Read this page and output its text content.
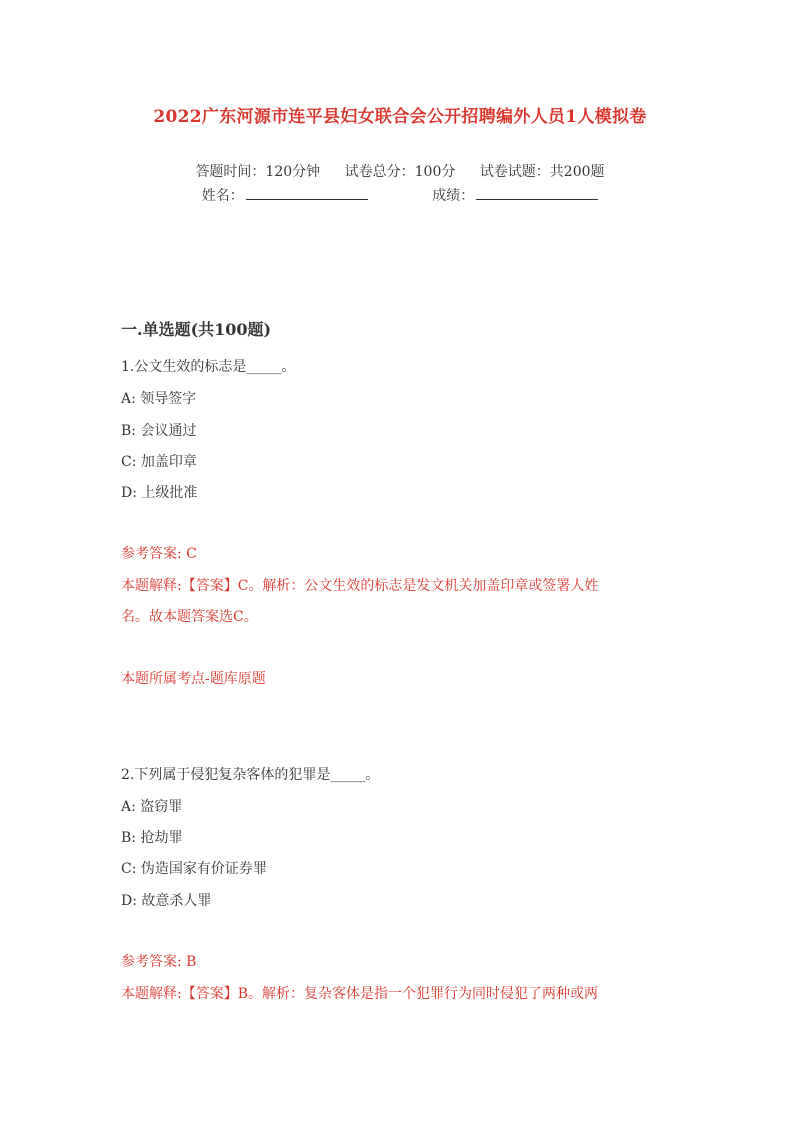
2022广东河源市连平县妇女联合会公开招聘编外人员1人模拟卷
答题时间：120分钟 试卷总分：100分 试卷试题：共200题
姓名：	成绩：
一.单选题(共100题)
1.公文生效的标志是_____。
A: 领导签字
B: 会议通过
C: 加盖印章
D: 上级批准
参考答案: C
本题解释:【答案】C。解析：公文生效的标志是发文机关加盖印章或签署人姓
名。故本题答案选C。
本题所属考点-题库原题
2.下列属于侵犯复杂客体的犯罪是_____。
A: 盗窃罪
B: 抢劫罪
C: 伪造国家有价证券罪
D: 故意杀人罪
参考答案: B
本题解释:【答案】B。解析：复杂客体是指一个犯罪行为同时侵犯了两种或两
